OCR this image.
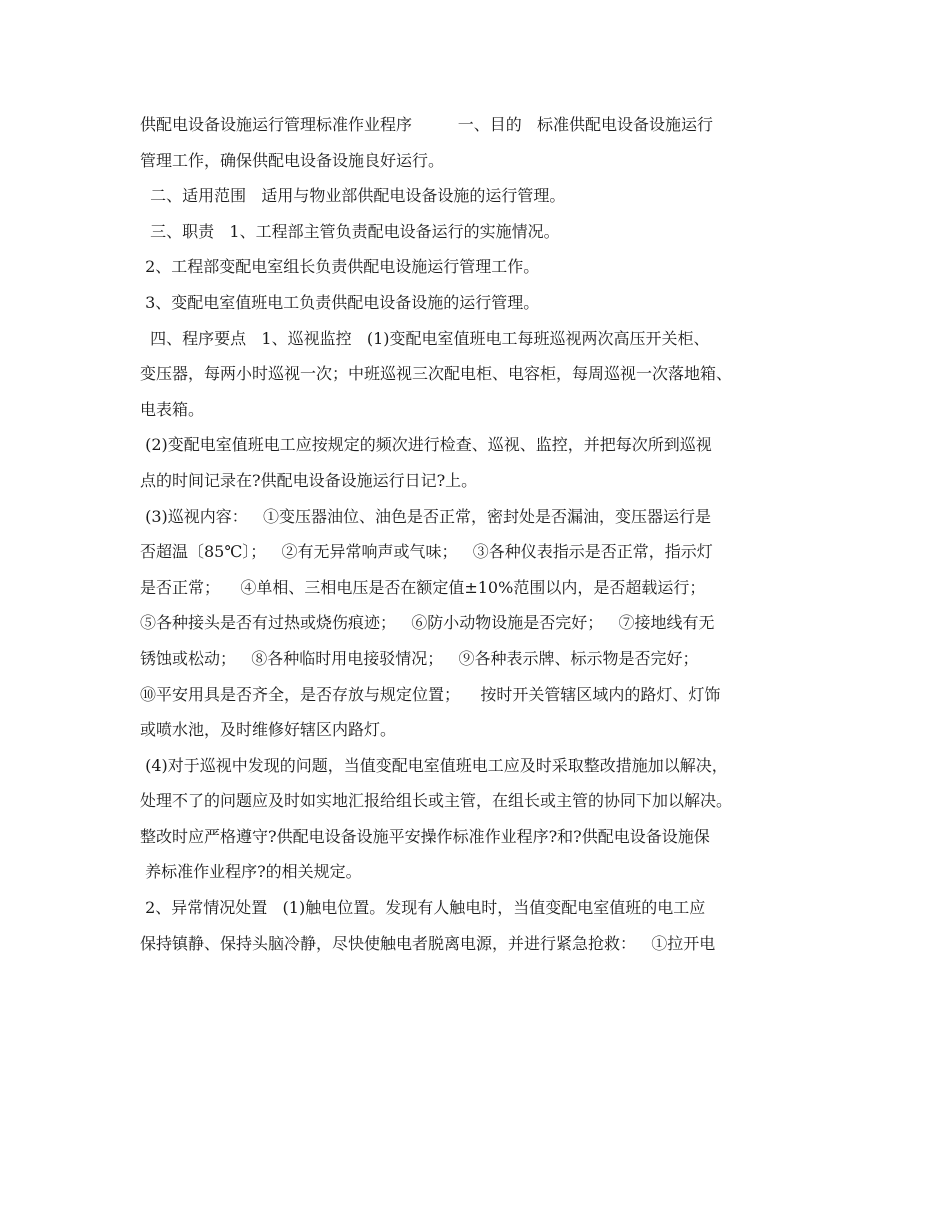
供配电设备设施运行管理标准作业程序         一、目的   标准供配电设备设施运行
管理工作，确保供配电设备设施良好运行。
二、适用范围   适用与物业部供配电设备设施的运行管理。
三、职责   1、工程部主管负责配电设备运行的实施情况。
2、工程部变配电室组长负责供配电设施运行管理工作。
3、变配电室值班电工负责供配电设备设施的运行管理。
四、程序要点   1、巡视监控   (1)变配电室值班电工每班巡视两次高压开关柜、
变压器，每两小时巡视一次；中班巡视三次配电柜、电容柜，每周巡视一次落地箱、
电表箱。
(2)变配电室值班电工应按规定的频次进行检查、巡视、监控，并把每次所到巡视
点的时间记录在?供配电设备设施运行日记?上。
(3)巡视内容：   ①变压器油位、油色是否正常，密封处是否漏油，变压器运行是
否超温〔85℃〕；   ②有无异常响声或气味；   ③各种仪表指示是否正常，指示灯
是否正常；    ④单相、三相电压是否在额定值±10%范围以内，是否超载运行；
⑤各种接头是否有过热或烧伤痕迹；   ⑥防小动物设施是否完好；   ⑦接地线有无
锈蚀或松动；   ⑧各种临时用电接驳情况；   ⑨各种表示牌、标示物是否完好；
⑩平安用具是否齐全，是否存放与规定位置；    按时开关管辖区域内的路灯、灯饰
或喷水池，及时维修好辖区内路灯。
(4)对于巡视中发现的问题，当值变配电室值班电工应及时采取整改措施加以解决，
处理不了的问题应及时如实地汇报给组长或主管，在组长或主管的协同下加以解决。
整改时应严格遵守?供配电设备设施平安操作标准作业程序?和?供配电设备设施保
养标准作业程序?的相关规定。
2、异常情况处置   (1)触电位置。发现有人触电时，当值变配电室值班的电工应
保持镇静、保持头脑冷静，尽快使触电者脱离电源，并进行紧急抢救：   ①拉开电
